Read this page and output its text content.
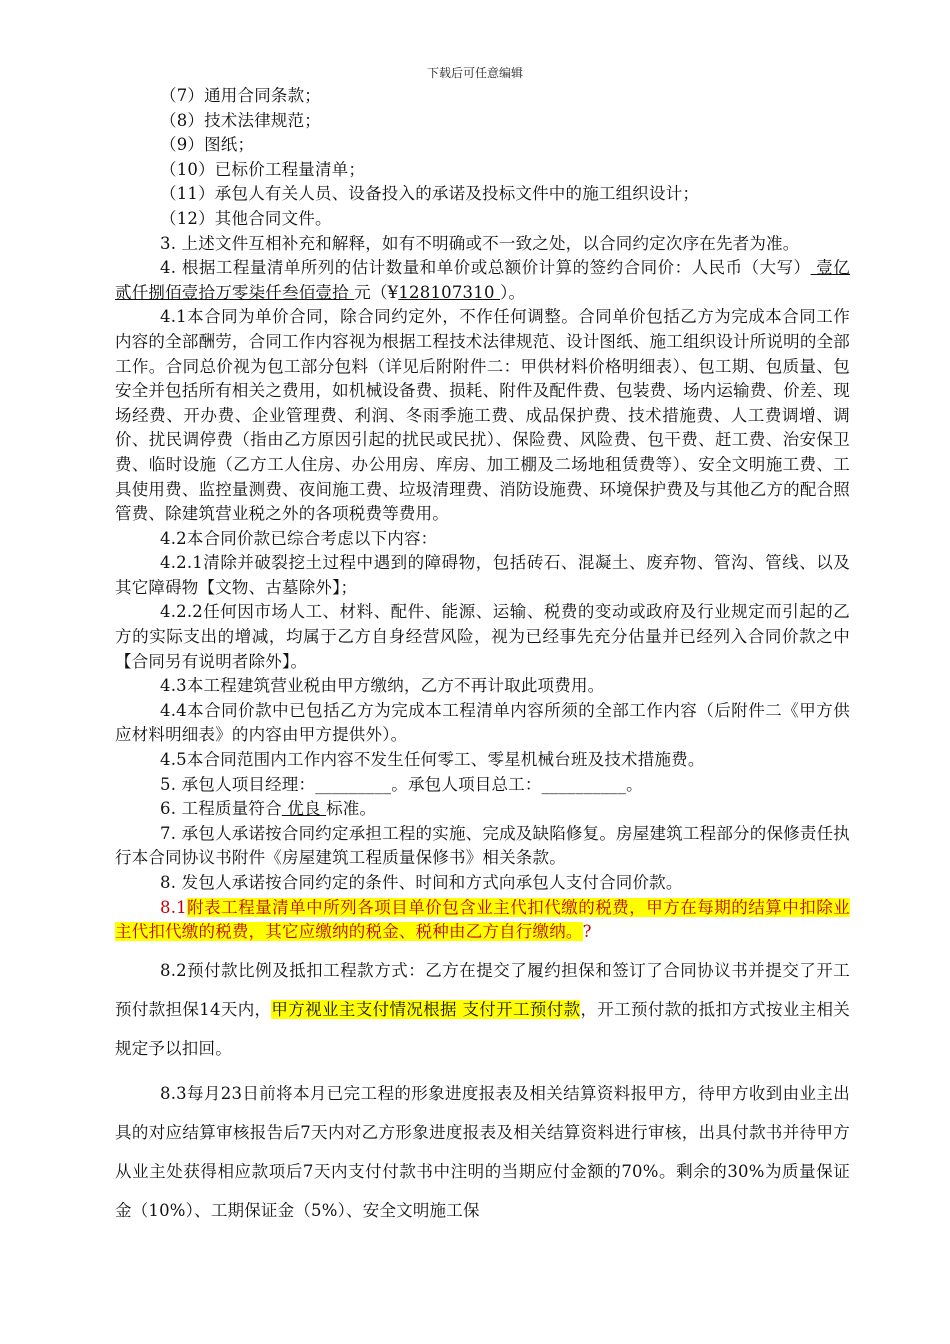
下载后可任意编辑

（7）通用合同条款；

（8）技术法律规范；

（9）图纸；

（10）已标价工程量清单；

（11）承包人有关人员、设备投入的承诺及投标文件中的施工组织设计；

（12）其他合同文件。

3. 上述文件互相补充和解释，如有不明确或不一致之处，以合同约定次序在先者为准。

4. 根据工程量清单所列的估计数量和单价或总额价计算的签约合同价：人民币（大写） 壹亿贰仟捌佰壹拾万零柒仟叁佰壹拾 元（¥128107310 ）。

4.1本合同为单价合同，除合同约定外，不作任何调整。合同单价包括乙方为完成本合同工作内容的全部酬劳，合同工作内容视为根据工程技术法律规范、设计图纸、施工组织设计所说明的全部工作。合同总价视为包工部分包料（详见后附附件二：甲供材料价格明细表）、包工期、包质量、包安全并包括所有相关之费用，如机械设备费、损耗、附件及配件费、包装费、场内运输费、价差、现场经费、开办费、企业管理费、利润、冬雨季施工费、成品保护费、技术措施费、人工费调增、调价、扰民调停费（指由乙方原因引起的扰民或民扰）、保险费、风险费、包干费、赶工费、治安保卫费、临时设施（乙方工人住房、办公用房、库房、加工棚及二场地租赁费等）、安全文明施工费、工具使用费、监控量测费、夜间施工费、垃圾清理费、消防设施费、环境保护费及与其他乙方的配合照管费、除建筑营业税之外的各项税费等费用。

4.2本合同价款已综合考虑以下内容：

4.2.1清除并破裂挖土过程中遇到的障碍物，包括砖石、混凝土、废弃物、管沟、管线、以及其它障碍物【文物、古墓除外】；

4.2.2任何因市场人工、材料、配件、能源、运输、税费的变动或政府及行业规定而引起的乙方的实际支出的增减，均属于乙方自身经营风险，视为已经事先充分估量并已经列入合同价款之中【合同另有说明者除外】。

4.3本工程建筑营业税由甲方缴纳，乙方不再计取此项费用。

4.4本合同价款中已包括乙方为完成本工程清单内容所须的全部工作内容（后附件二《甲方供应材料明细表》的内容由甲方提供外）。

4.5本合同范围内工作内容不发生任何零工、零星机械台班及技术措施费。

5. 承包人项目经理：_________。承包人项目总工：__________。

6. 工程质量符合 优良 标准。

7. 承包人承诺按合同约定承担工程的实施、完成及缺陷修复。房屋建筑工程部分的保修责任执行本合同协议书附件《房屋建筑工程质量保修书》相关条款。

8. 发包人承诺按合同约定的条件、时间和方式向承包人支付合同价款。

8.1附表工程量清单中所列各项目单价包含业主代扣代缴的税费，甲方在每期的结算中扣除业主代扣代缴的税费，其它应缴纳的税金、税种由乙方自行缴纳。?

8.2预付款比例及抵扣工程款方式：乙方在提交了履约担保和签订了合同协议书并提交了开工预付款担保14天内，甲方视业主支付情况根据 支付开工预付款，开工预付款的抵扣方式按业主相关规定予以扣回。

8.3每月23日前将本月已完工程的形象进度报表及相关结算资料报甲方，待甲方收到由业主出具的对应结算审核报告后7天内对乙方形象进度报表及相关结算资料进行审核，出具付款书并待甲方从业主处获得相应款项后7天内支付付款书中注明的当期应付金额的70%。剩余的30%为质量保证金（10%）、工期保证金（5%）、安全文明施工保
